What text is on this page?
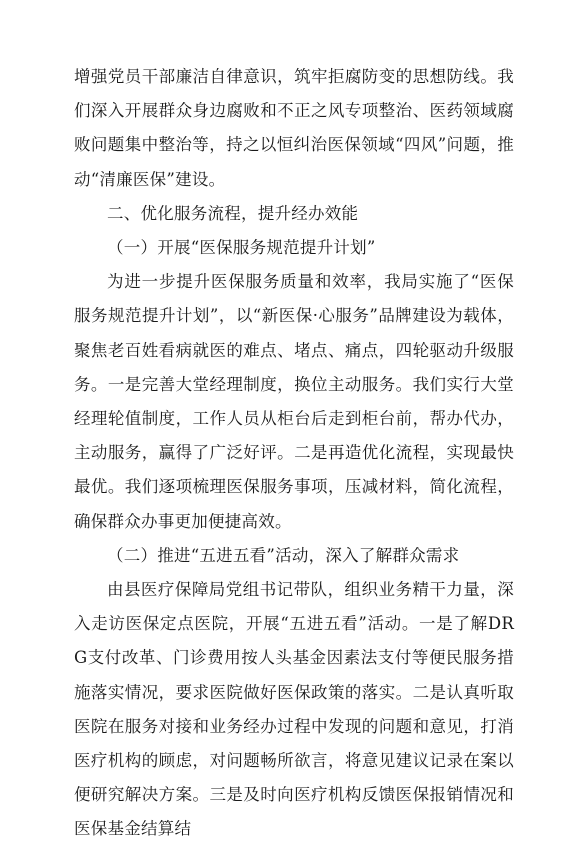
增强党员干部廉洁自律意识，筑牢拒腐防变的思想防线。我们深入开展群众身边腐败和不正之风专项整治、医药领域腐败问题集中整治等，持之以恒纠治医保领域“四风”问题，推动“清廉医保”建设。

二、优化服务流程，提升经办效能

（一）开展“医保服务规范提升计划”

为进一步提升医保服务质量和效率，我局实施了“医保服务规范提升计划”，以“新医保·心服务”品牌建设为载体，聚焦老百姓看病就医的难点、堵点、痛点，四轮驱动升级服务。一是完善大堂经理制度，换位主动服务。我们实行大堂经理轮值制度，工作人员从柜台后走到柜台前，帮办代办，主动服务，赢得了广泛好评。二是再造优化流程，实现最快最优。我们逐项梳理医保服务事项，压减材料，简化流程，确保群众办事更加便捷高效。

（二）推进“五进五看”活动，深入了解群众需求

由县医疗保障局党组书记带队，组织业务精干力量，深入走访医保定点医院，开展“五进五看”活动。一是了解DRG支付改革、门诊费用按人头基金因素法支付等便民服务措施落实情况，要求医院做好医保政策的落实。二是认真听取医院在服务对接和业务经办过程中发现的问题和意见，打消医疗机构的顾虑，对问题畅所欲言，将意见建议记录在案以便研究解决方案。三是及时向医疗机构反馈医保报销情况和医保基金结算结
